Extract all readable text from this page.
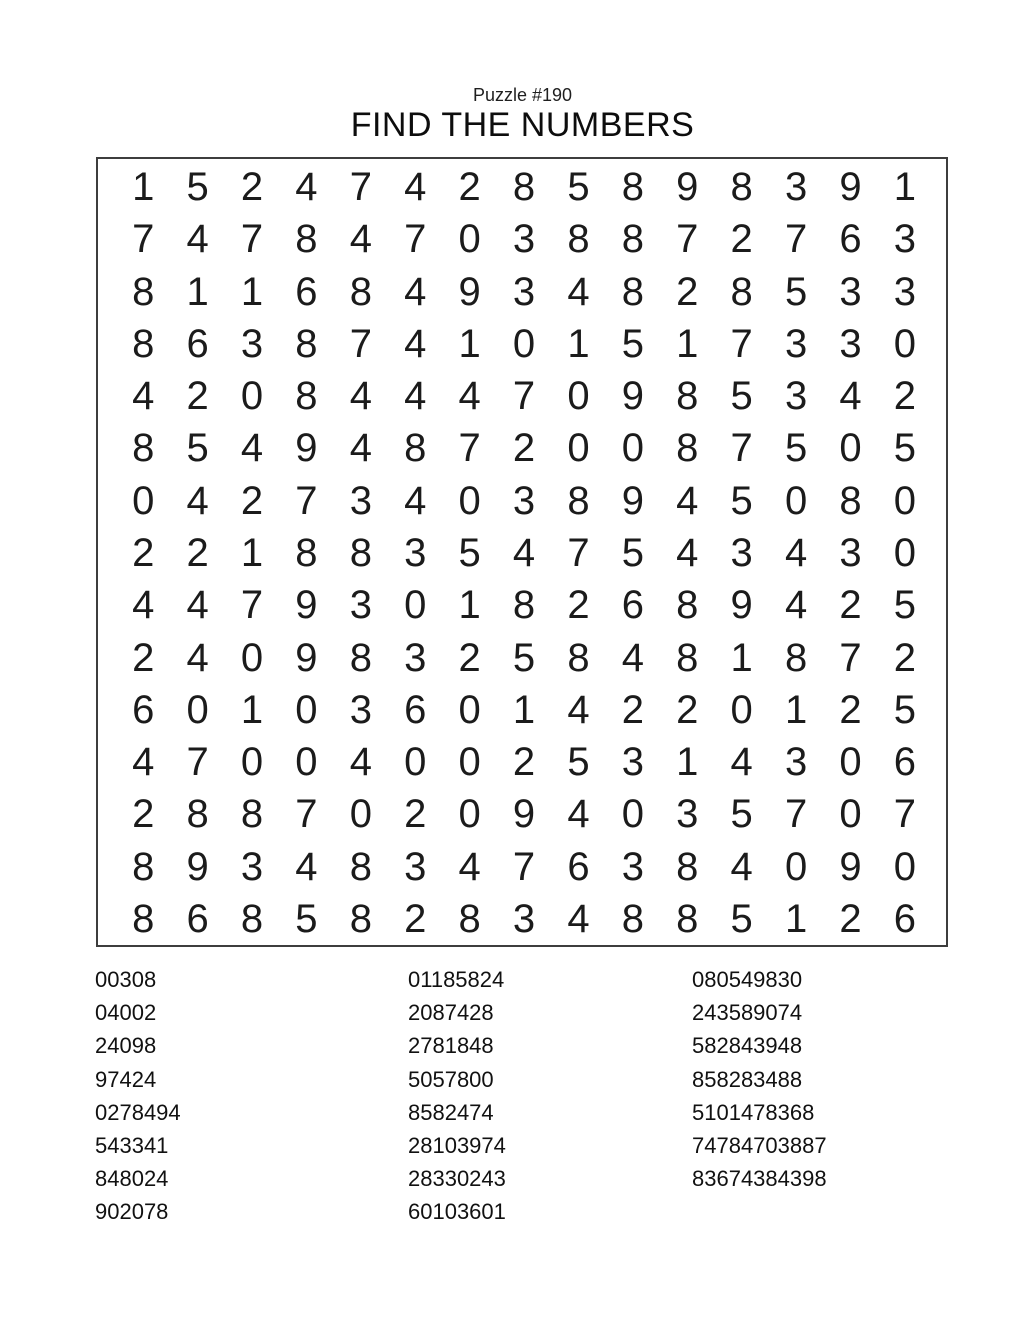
Puzzle #190
FIND THE NUMBERS
1 5 2 4 7 4 2 8 5 8 9 8 3 9 1
7 4 7 8 4 7 0 3 8 8 7 2 7 6 3
8 1 1 6 8 4 9 3 4 8 2 8 5 3 3
8 6 3 8 7 4 1 0 1 5 1 7 3 3 0
4 2 0 8 4 4 4 7 0 9 8 5 3 4 2
8 5 4 9 4 8 7 2 0 0 8 7 5 0 5
0 4 2 7 3 4 0 3 8 9 4 5 0 8 0
2 2 1 8 8 3 5 4 7 5 4 3 4 3 0
4 4 7 9 3 0 1 8 2 6 8 9 4 2 5
2 4 0 9 8 3 2 5 8 4 8 1 8 7 2
6 0 1 0 3 6 0 1 4 2 2 0 1 2 5
4 7 0 0 4 0 0 2 5 3 1 4 3 0 6
2 8 8 7 0 2 0 9 4 0 3 5 7 0 7
8 9 3 4 8 3 4 7 6 3 8 4 0 9 0
8 6 8 5 8 2 8 3 4 8 8 5 1 2 6
00308
04002
24098
97424
0278494
543341
848024
902078
01185824
2087428
2781848
5057800
8582474
28103974
28330243
60103601
080549830
243589074
582843948
858283488
5101478368
74784703887
83674384398
